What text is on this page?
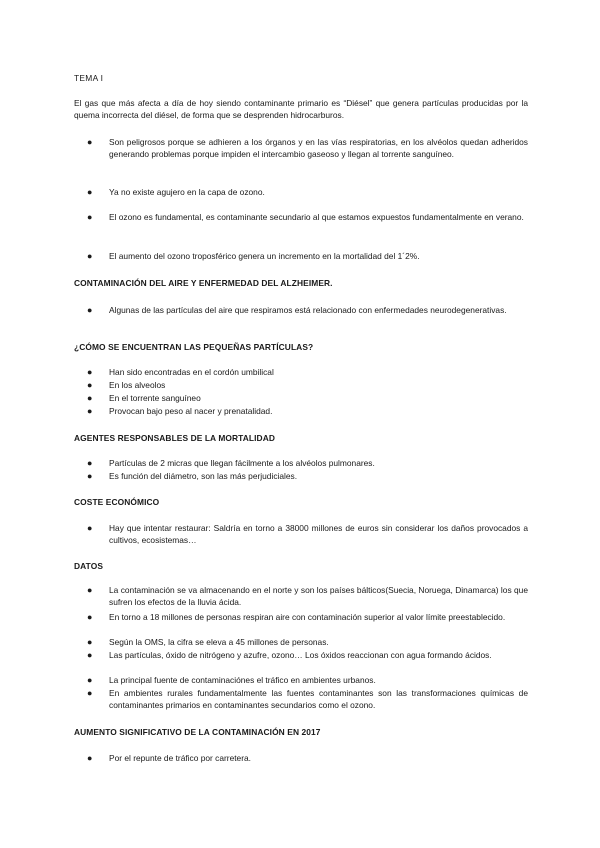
TEMA I
El gas que más afecta a día de hoy siendo contaminante primario es “Diésel” que genera partículas producidas por la quema incorrecta del diésel, de forma que se desprenden hidrocarburos.
● Son peligrosos porque se adhieren a los órganos y en las vías respiratorias, en los alvéolos quedan adheridos generando problemas porque impiden el intercambio gaseoso y llegan al torrente sanguíneo.
● Ya no existe agujero en la capa de ozono.
● El ozono es fundamental, es contaminante secundario al que estamos expuestos fundamentalmente en verano.
● El aumento del ozono troposférico genera un incremento en la mortalidad del 1´2%.
CONTAMINACIÓN DEL AIRE Y ENFERMEDAD DEL ALZHEIMER.
● Algunas de las partículas del aire que respiramos está relacionado con enfermedades neurodegenerativas.
¿CÓMO SE ENCUENTRAN LAS PEQUEÑAS PARTÍCULAS?
● Han sido encontradas en el cordón umbilical
● En los alveolos
● En el torrente sanguíneo
● Provocan bajo peso al nacer y prenatalidad.
AGENTES RESPONSABLES DE LA MORTALIDAD
● Partículas de 2 micras que llegan fácilmente a los alvéolos pulmonares.
● Es función del diámetro, son las más perjudiciales.
COSTE ECONÓMICO
● Hay que intentar restaurar: Saldría en torno a 38000 millones de euros sin considerar los daños provocados a cultivos, ecosistemas…
DATOS
● La contaminación se va almacenando en el norte y son los países bálticos(Suecia, Noruega, Dinamarca) los que sufren los efectos de la lluvia ácida.
● En torno a 18 millones de personas respiran aire con contaminación superior al valor límite preestablecido.
● Según la OMS, la cifra se eleva a 45 millones de personas.
● Las partículas, óxido de nitrógeno y azufre, ozono… Los óxidos reaccionan con agua formando ácidos.
● La principal fuente de contaminaciónes el tráfico en ambientes urbanos.
● En ambientes rurales fundamentalmente las fuentes contaminantes son las transformaciones químicas de contaminantes primarios en contaminantes secundarios como el ozono.
AUMENTO SIGNIFICATIVO DE LA CONTAMINACIÓN EN 2017
● Por el repunte de tráfico por carretera.
